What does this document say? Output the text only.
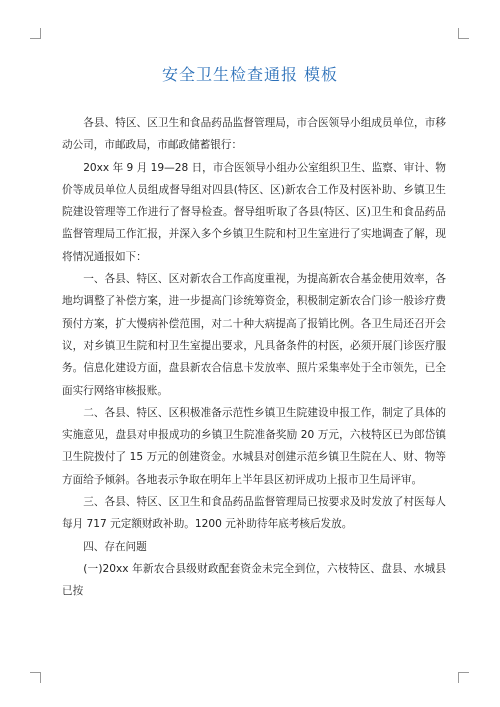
安全卫生检查通报 模板

各县、特区、区卫生和食品药品监督管理局，市合医领导小组成员单位，市移动公司，市邮政局，市邮政储蓄银行：

20xx 年 9 月 19—28 日，市合医领导小组办公室组织卫生、监察、审计、物价等成员单位人员组成督导组对四县(特区、区)新农合工作及村医补助、乡镇卫生院建设管理等工作进行了督导检查。督导组听取了各县(特区、区)卫生和食品药品监督管理局工作汇报，并深入多个乡镇卫生院和村卫生室进行了实地调查了解，现将情况通报如下：

一、各县、特区、区对新农合工作高度重视，为提高新农合基金使用效率，各地均调整了补偿方案，进一步提高门诊统筹资金，积极制定新农合门诊一般诊疗费预付方案，扩大慢病补偿范围，对二十种大病提高了报销比例。各卫生局还召开会议，对乡镇卫生院和村卫生室提出要求，凡具备条件的村医，必须开展门诊医疗服务。信息化建设方面，盘县新农合信息卡发放率、照片采集率处于全市领先，已全面实行网络审核报账。

二、各县、特区、区积极准备示范性乡镇卫生院建设申报工作，制定了具体的实施意见，盘县对申报成功的乡镇卫生院准备奖励 20 万元，六枝特区已为郎岱镇卫生院拨付了 15 万元的创建资金。水城县对创建示范乡镇卫生院在人、财、物等方面给予倾斜。各地表示争取在明年上半年县区初评成功上报市卫生局评审。

三、各县、特区、区卫生和食品药品监督管理局已按要求及时发放了村医每人每月 717 元定额财政补助。1200 元补助待年底考核后发放。

四、存在问题

(一)20xx 年新农合县级财政配套资金未完全到位，六枝特区、盘县、水城县已按
